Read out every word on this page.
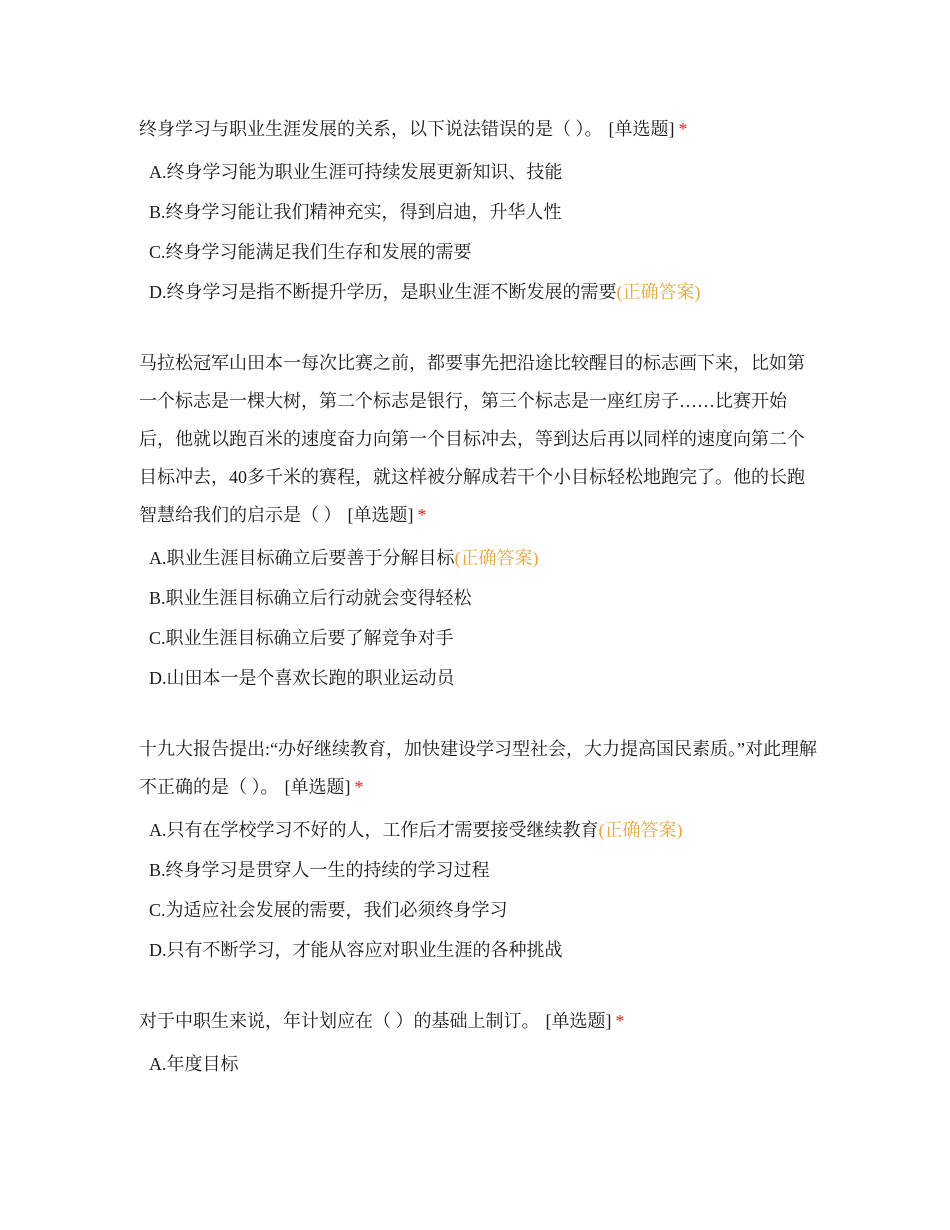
终身学习与职业生涯发展的关系，以下说法错误的是（ ）。 [单选题] *

A.终身学习能为职业生涯可持续发展更新知识、技能
B.终身学习能让我们精神充实，得到启迪，升华人性
C.终身学习能满足我们生存和发展的需要
D.终身学习是指不断提升学历，是职业生涯不断发展的需要(正确答案)

马拉松冠军山田本一每次比赛之前，都要事先把沿途比较醒目的标志画下来，比如第一个标志是一棵大树，第二个标志是银行，第三个标志是一座红房子……比赛开始后，他就以跑百米的速度奋力向第一个目标冲去，等到达后再以同样的速度向第二个目标冲去，40多千米的赛程，就这样被分解成若干个小目标轻松地跑完了。他的长跑智慧给我们的启示是（ ） [单选题] *

A.职业生涯目标确立后要善于分解目标(正确答案)
B.职业生涯目标确立后行动就会变得轻松
C.职业生涯目标确立后要了解竞争对手
D.山田本一是个喜欢长跑的职业运动员

十九大报告提出:“办好继续教育，加快建设学习型社会，大力提高国民素质。”对此理解不正确的是（ ）。 [单选题] *

A.只有在学校学习不好的人，工作后才需要接受继续教育(正确答案)
B.终身学习是贯穿人一生的持续的学习过程
C.为适应社会发展的需要，我们必须终身学习
D.只有不断学习，才能从容应对职业生涯的各种挑战

对于中职生来说，年计划应在（ ）的基础上制订。 [单选题] *

A.年度目标
